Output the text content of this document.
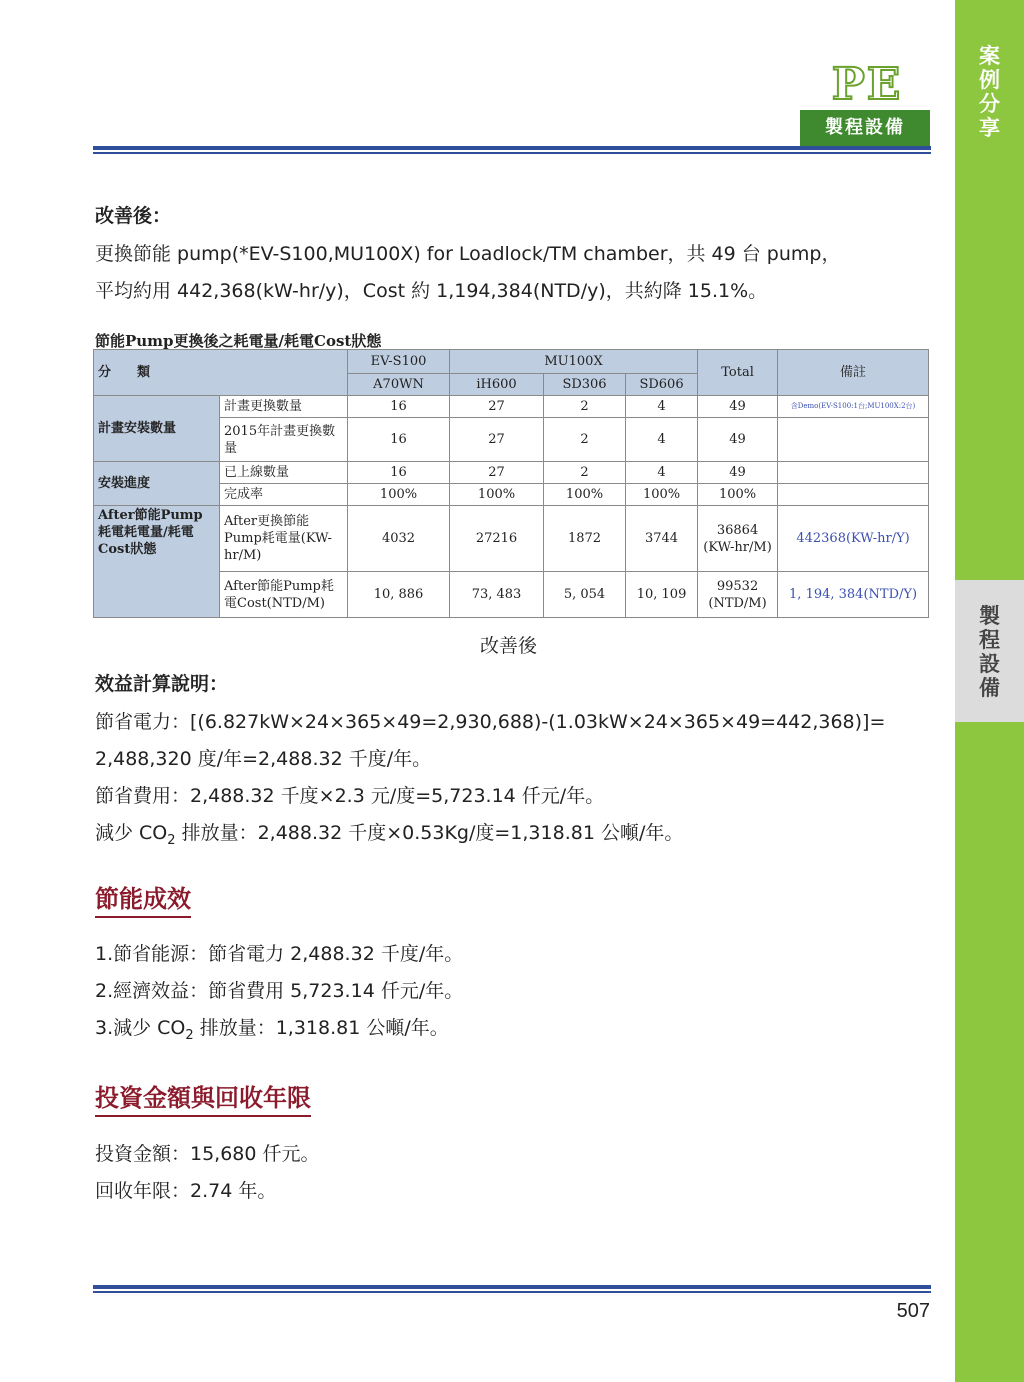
案
例
分
享
製
程
設
備
PE
製程設備
改善後：
更換節能 pump(*EV-S100,MU100X) for Loadlock/TM chamber，共 49 台 pump，
平均約用 442,368(kW-hr/y)，Cost 約 1,194,384(NTD/y)，共約降 15.1%。
節能Pump更換後之耗電量/耗電Cost狀態
分　　類		EV-S100	MU100X			Total	備註
		A70WN	iH600	SD306	SD606		
計畫安裝數量	計畫更換數量	16	27	2	4	49	含Demo(EV-S100:1台;MU100X:2台)
	2015年計畫更換數量	16	27	2	4	49	
安裝進度	已上線數量	16	27	2	4	49	
	完成率	100%	100%	100%	100%	100%	
After節能Pump耗電耗電量/耗電Cost狀態	After更換節能Pump耗電量(KW-hr/M)	4032	27216	1872	3744	36864 (KW-hr/M)	442368(KW-hr/Y)
	After節能Pump耗電Cost(NTD/M)	10, 886	73, 483	5, 054	10, 109	99532 (NTD/M)	1, 194, 384(NTD/Y)
改善後
效益計算說明：
節省電力：[(6.827kW×24×365×49=2,930,688)-(1.03kW×24×365×49=442,368)]=
2,488,320 度/年=2,488.32 千度/年。
節省費用：2,488.32 千度×2.3 元/度=5,723.14 仟元/年。
減少 $CO_2$ 排放量：2,488.32 千度×0.53Kg/度=1,318.81 公噸/年。
節能成效
1.節省能源：節省電力 2,488.32 千度/年。
2.經濟效益：節省費用 5,723.14 仟元/年。
3.減少 $CO_2$ 排放量：1,318.81 公噸/年。
投資金額與回收年限
投資金額：15,680 仟元。
回收年限：2.74 年。
507
